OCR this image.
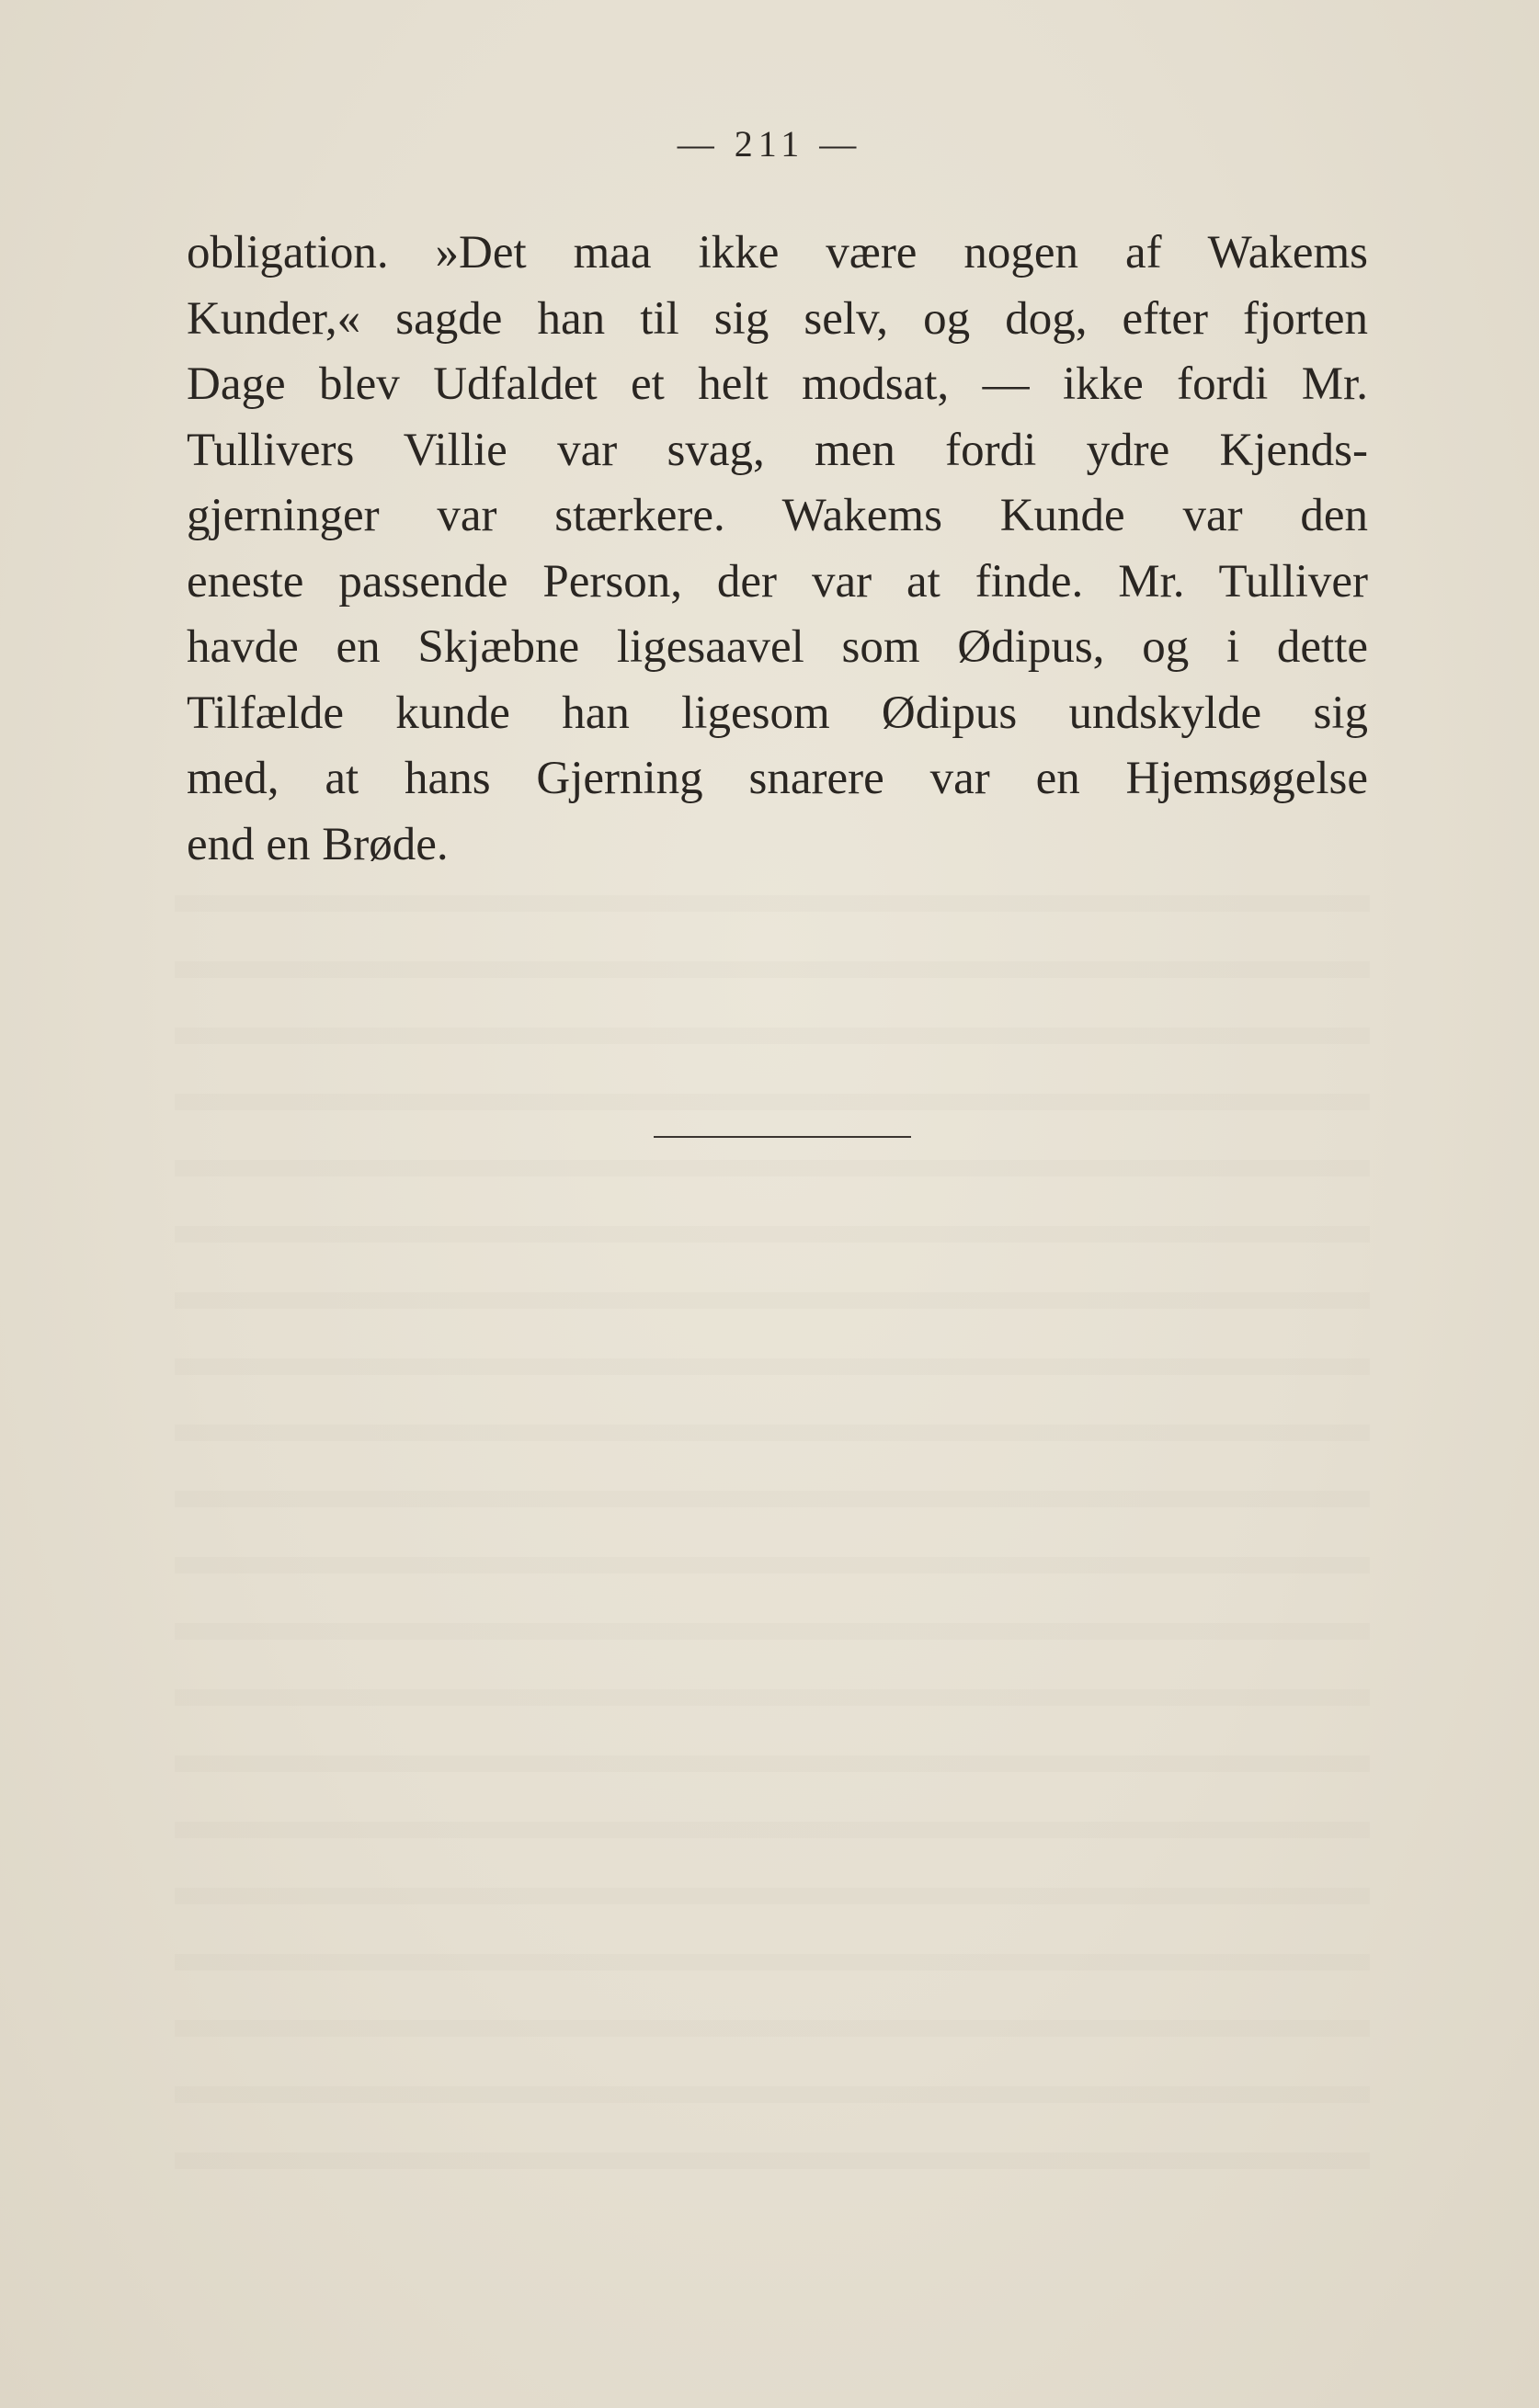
— 211 —
obligation. »Det maa ikke være nogen af Wakems
Kunder,« sagde han til sig selv, og dog, efter fjorten
Dage blev Udfaldet et helt modsat, — ikke fordi Mr.
Tullivers Villie var svag, men fordi ydre Kjends-
gjerninger var stærkere. Wakems Kunde var den
eneste passende Person, der var at finde. Mr. Tulliver
havde en Skjæbne ligesaavel som Ødipus, og i dette
Tilfælde kunde han ligesom Ødipus undskylde sig
med, at hans Gjerning snarere var en Hjemsøgelse
end en Brøde.
